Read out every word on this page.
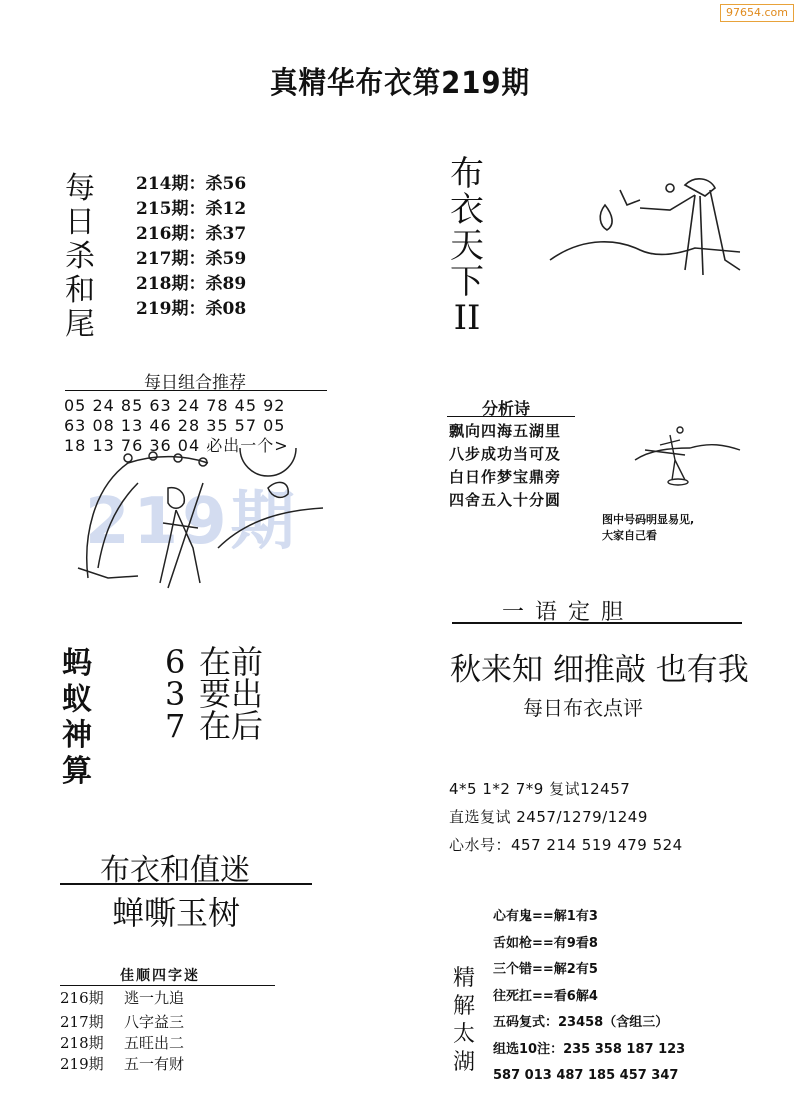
97654.com
真精华布衣第219期
每
日
杀
和
尾
214期：杀56
215期：杀12
216期：杀37
217期：杀59
218期：杀89
219期：杀08
布
衣
天
下
II
每日组合推荐
219期
05 24 85 63 24 78 45 92
63 08 13 46 28 35 57 05
18 13 76 36 04 必出一个>
分析诗
飘向四海五湖里
八步成功当可及
白日作梦宝鼎旁
四舍五入十分圆
图中号码明显易见,
大家自己看
一 语 定 胆
秋来知 细推敲 也有我
每日布衣点评
蚂
蚁
神
算
6 在前
3 要出
7 在后
4*5 1*2 7*9 复试12457
直选复试 2457/1279/1249
心水号：457 214 519 479 524
布衣和值迷
蝉嘶玉树
佳顺四字迷
216期 逃一九追
217期 八字益三
218期 五旺出二
219期 五一有财
精
解
太
湖
心有鬼==解1有3
舌如枪==有9看8
三个错==解2有5
往死扛==看6解4
五码复式：23458（含组三）
组选10注：235 358 187 123
587 013 487 185 457 347
